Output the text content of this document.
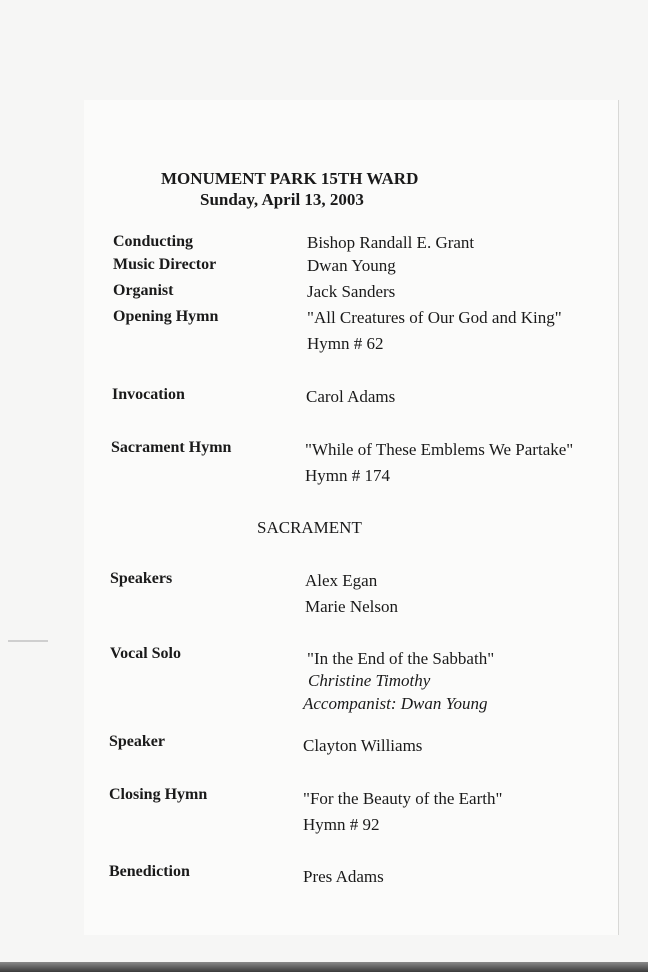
MONUMENT PARK 15TH WARD
Sunday, April 13, 2003
Conducting	Bishop Randall E. Grant
Music Director	Dwan Young
Organist	Jack Sanders
Opening Hymn	"All Creatures of Our God and King"
Hymn # 62
Invocation	Carol Adams
Sacrament Hymn	"While of These Emblems We Partake"
Hymn # 174
SACRAMENT
Speakers	Alex Egan
Marie Nelson
Vocal Solo	"In the End of the Sabbath"
Christine Timothy
Accompanist: Dwan Young
Speaker	Clayton Williams
Closing Hymn	"For the Beauty of the Earth"
Hymn # 92
Benediction	Pres Adams
